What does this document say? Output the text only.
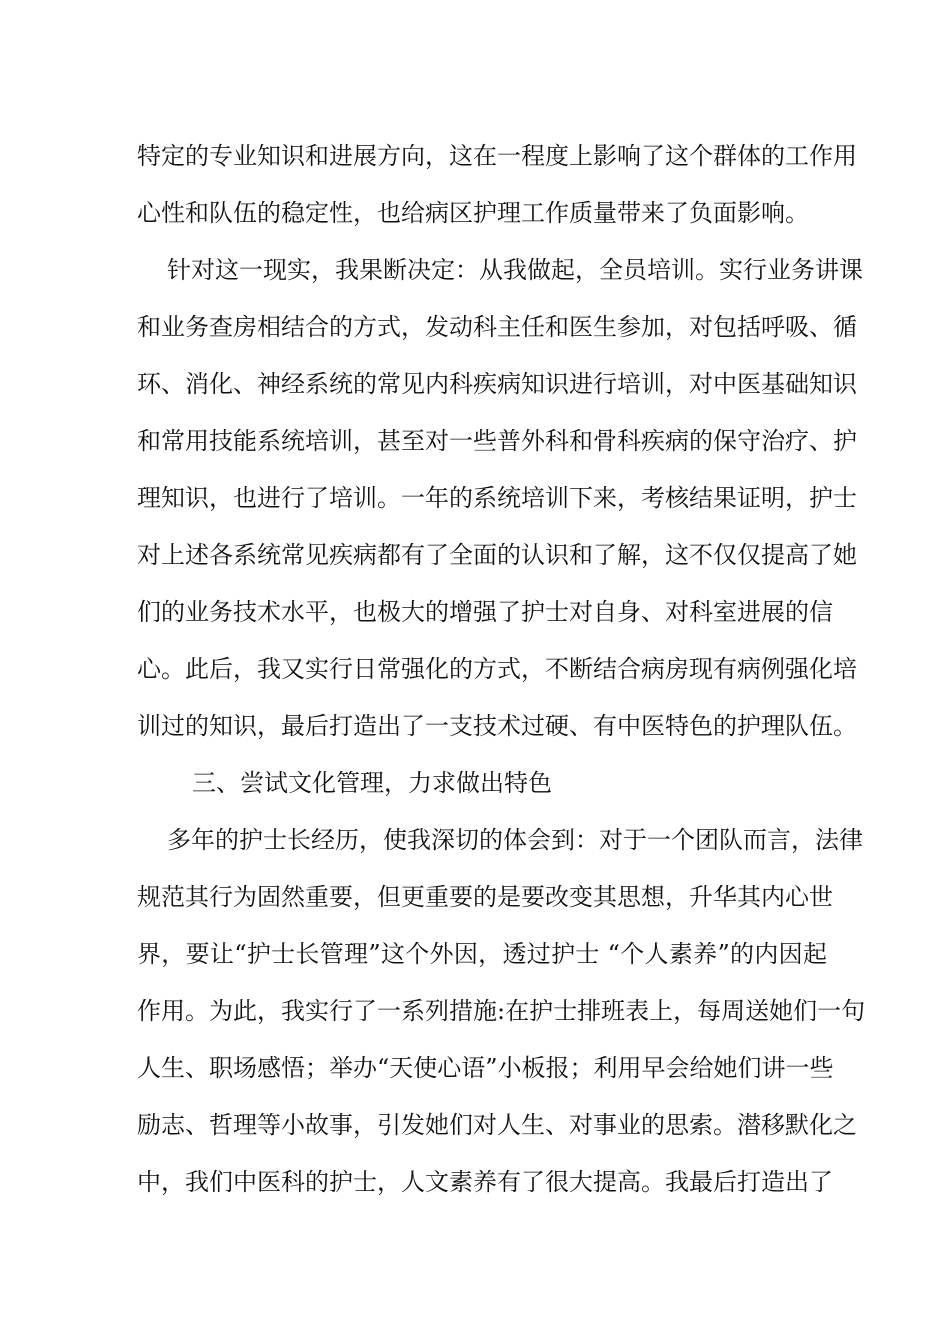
特定的专业知识和进展方向，这在一程度上影响了这个群体的工作用
心性和队伍的稳定性，也给病区护理工作质量带来了负面影响。
针对这一现实，我果断决定：从我做起，全员培训。实行业务讲课
和业务查房相结合的方式，发动科主任和医生参加，对包括呼吸、循
环、消化、神经系统的常见内科疾病知识进行培训，对中医基础知识
和常用技能系统培训，甚至对一些普外科和骨科疾病的保守治疗、护
理知识，也进行了培训。一年的系统培训下来，考核结果证明，护士
对上述各系统常见疾病都有了全面的认识和了解，这不仅仅提高了她
们的业务技术水平，也极大的增强了护士对自身、对科室进展的信
心。此后，我又实行日常强化的方式，不断结合病房现有病例强化培
训过的知识，最后打造出了一支技术过硬、有中医特色的护理队伍。
三、尝试文化管理，力求做出特色
多年的护士长经历，使我深切的体会到：对于一个团队而言，法律
规范其行为固然重要，但更重要的是要改变其思想，升华其内心世
界，要让“护士长管理”这个外因，透过护士 “个人素养”的内因起
作用。为此，我实行了一系列措施:在护士排班表上，每周送她们一句
人生、职场感悟；举办“天使心语”小板报；利用早会给她们讲一些
励志、哲理等小故事，引发她们对人生、对事业的思索。潜移默化之
中，我们中医科的护士，人文素养有了很大提高。我最后打造出了
